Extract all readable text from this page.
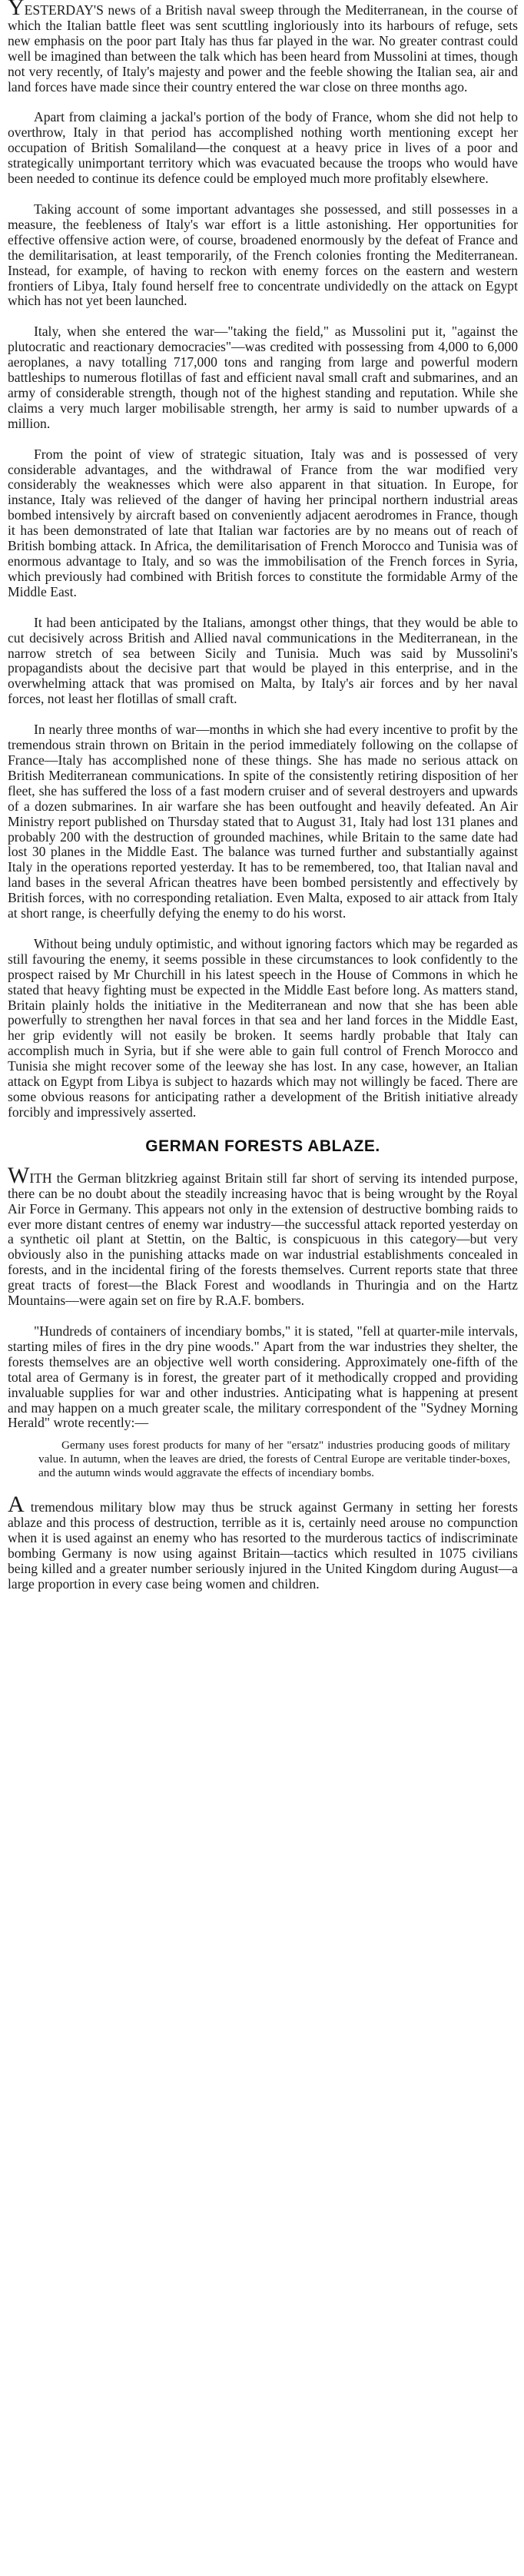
YESTERDAY'S news of a British naval sweep through the Mediterranean, in the course of which the Italian battle fleet was sent scuttling ingloriously into its harbours of refuge, sets new emphasis on the poor part Italy has thus far played in the war. No greater contrast could well be imagined than between the talk which has been heard from Mussolini at times, though not very recently, of Italy's majesty and power and the feeble showing the Italian sea, air and land forces have made since their country entered the war close on three months ago.

Apart from claiming a jackal's portion of the body of France, whom she did not help to overthrow, Italy in that period has accomplished nothing worth mentioning except her occupation of British Somaliland—the conquest at a heavy price in lives of a poor and strategically unimportant territory which was evacuated because the troops who would have been needed to continue its defence could be employed much more profitably elsewhere.

Taking account of some important advantages she possessed, and still possesses in a measure, the feebleness of Italy's war effort is a little astonishing. Her opportunities for effective offensive action were, of course, broadened enormously by the defeat of France and the demilitarisation, at least temporarily, of the French colonies fronting the Mediterranean. Instead, for example, of having to reckon with enemy forces on the eastern and western frontiers of Libya, Italy found herself free to concentrate undividedly on the attack on Egypt which has not yet been launched.

Italy, when she entered the war—"taking the field," as Mussolini put it, "against the plutocratic and reactionary democracies"—was credited with possessing from 4,000 to 6,000 aeroplanes, a navy totalling 717,000 tons and ranging from large and powerful modern battleships to numerous flotillas of fast and efficient naval small craft and submarines, and an army of considerable strength, though not of the highest standing and reputation. While she claims a very much larger mobilisable strength, her army is said to number upwards of a million.

From the point of view of strategic situation, Italy was and is possessed of very considerable advantages, and the withdrawal of France from the war modified very considerably the weaknesses which were also apparent in that situation. In Europe, for instance, Italy was relieved of the danger of having her principal northern industrial areas bombed intensively by aircraft based on conveniently adjacent aerodromes in France, though it has been demonstrated of late that Italian war factories are by no means out of reach of British bombing attack. In Africa, the demilitarisation of French Morocco and Tunisia was of enormous advantage to Italy, and so was the immobilisation of the French forces in Syria, which previously had combined with British forces to constitute the formidable Army of the Middle East.

It had been anticipated by the Italians, amongst other things, that they would be able to cut decisively across British and Allied naval communications in the Mediterranean, in the narrow stretch of sea between Sicily and Tunisia. Much was said by Mussolini's propagandists about the decisive part that would be played in this enterprise, and in the overwhelming attack that was promised on Malta, by Italy's air forces and by her naval forces, not least her flotillas of small craft.

In nearly three months of war—months in which she had every incentive to profit by the tremendous strain thrown on Britain in the period immediately following on the collapse of France—Italy has accomplished none of these things. She has made no serious attack on British Mediterranean communications. In spite of the consistently retiring disposition of her fleet, she has suffered the loss of a fast modern cruiser and of several destroyers and upwards of a dozen submarines. In air warfare she has been outfought and heavily defeated. An Air Ministry report published on Thursday stated that to August 31, Italy had lost 131 planes and probably 200 with the destruction of grounded machines, while Britain to the same date had lost 30 planes in the Middle East. The balance was turned further and substantially against Italy in the operations reported yesterday. It has to be remembered, too, that Italian naval and land bases in the several African theatres have been bombed persistently and effectively by British forces, with no corresponding retaliation. Even Malta, exposed to air attack from Italy at short range, is cheerfully defying the enemy to do his worst.

Without being unduly optimistic, and without ignoring factors which may be regarded as still favouring the enemy, it seems possible in these circumstances to look confidently to the prospect raised by Mr Churchill in his latest speech in the House of Commons in which he stated that heavy fighting must be expected in the Middle East before long. As matters stand, Britain plainly holds the initiative in the Mediterranean and now that she has been able powerfully to strengthen her naval forces in that sea and her land forces in the Middle East, her grip evidently will not easily be broken. It seems hardly probable that Italy can accomplish much in Syria, but if she were able to gain full control of French Morocco and Tunisia she might recover some of the leeway she has lost. In any case, however, an Italian attack on Egypt from Libya is subject to hazards which may not willingly be faced. There are some obvious reasons for anticipating rather a development of the British initiative already forcibly and impressively asserted.

GERMAN FORESTS ABLAZE.

WITH the German blitzkrieg against Britain still far short of serving its intended purpose, there can be no doubt about the steadily increasing havoc that is being wrought by the Royal Air Force in Germany. This appears not only in the extension of destructive bombing raids to ever more distant centres of enemy war industry—the successful attack reported yesterday on a synthetic oil plant at Stettin, on the Baltic, is conspicuous in this category—but very obviously also in the punishing attacks made on war industrial establishments concealed in forests, and in the incidental firing of the forests themselves. Current reports state that three great tracts of forest—the Black Forest and woodlands in Thuringia and on the Hartz Mountains—were again set on fire by R.A.F. bombers.

"Hundreds of containers of incendiary bombs," it is stated, "fell at quarter-mile intervals, starting miles of fires in the dry pine woods." Apart from the war industries they shelter, the forests themselves are an objective well worth considering. Approximately one-fifth of the total area of Germany is in forest, the greater part of it methodically cropped and providing invaluable supplies for war and other industries. Anticipating what is happening at present and may happen on a much greater scale, the military correspondent of the "Sydney Morning Herald" wrote recently:—

Germany uses forest products for many of her "ersatz" industries producing goods of military value. In autumn, when the leaves are dried, the forests of Central Europe are veritable tinder-boxes, and the autumn winds would aggravate the effects of incendiary bombs.

A tremendous military blow may thus be struck against Germany in setting her forests ablaze and this process of destruction, terrible as it is, certainly need arouse no compunction when it is used against an enemy who has resorted to the murderous tactics of indiscriminate bombing Germany is now using against Britain—tactics which resulted in 1075 civilians being killed and a greater number seriously injured in the United Kingdom during August—a large proportion in every case being women and children.
